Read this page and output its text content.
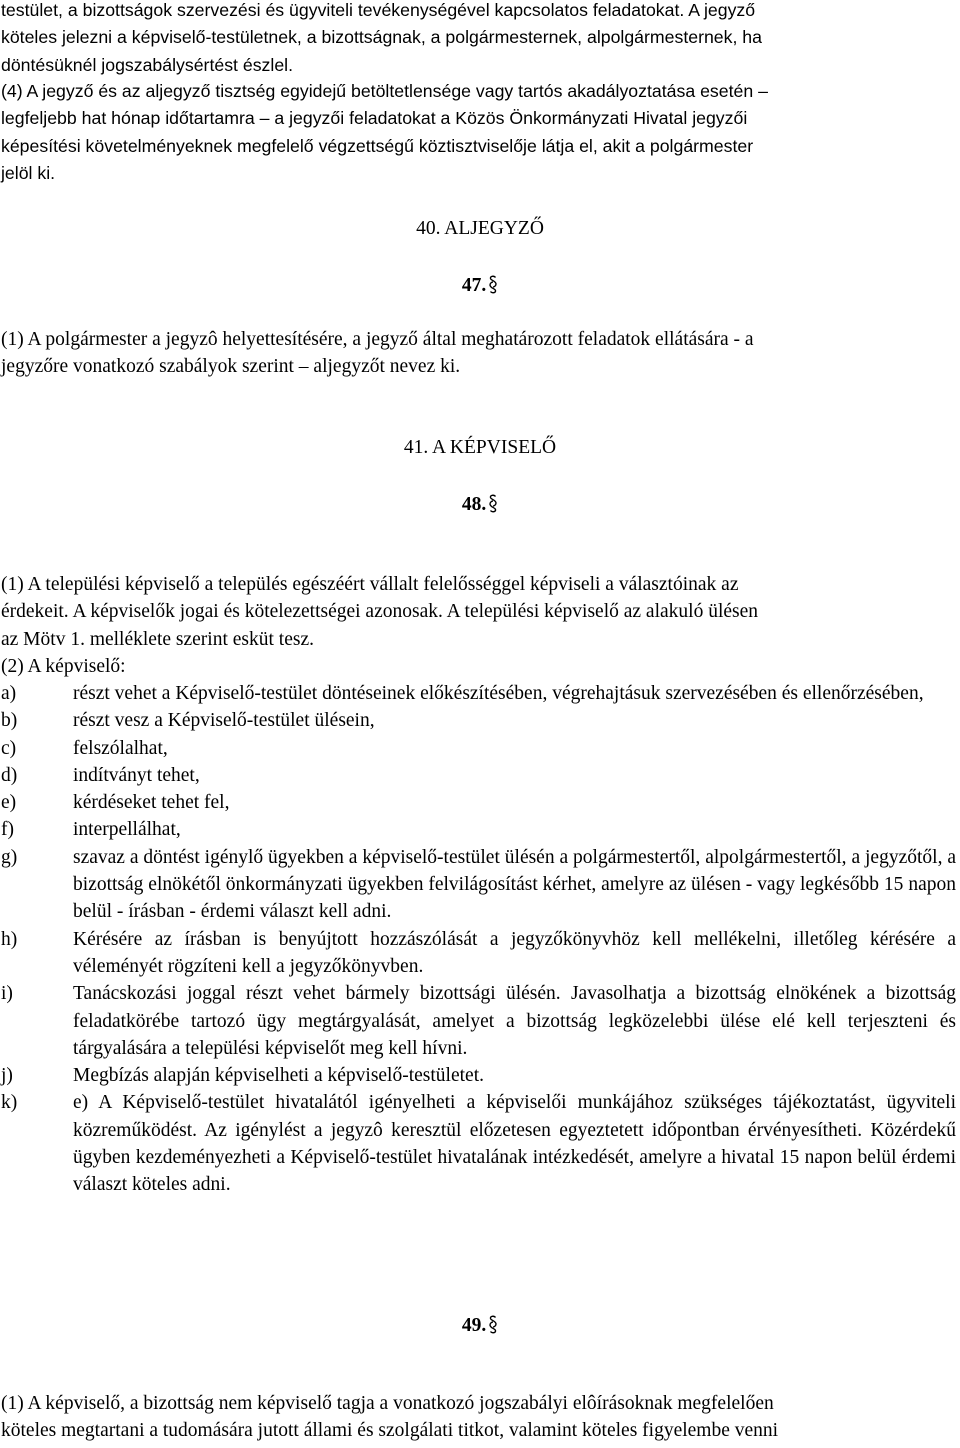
testület, a bizottságok szervezési és ügyviteli tevékenységével kapcsolatos feladatokat. A jegyző
köteles jelezni a képviselő-testületnek, a bizottságnak, a polgármesternek, alpolgármesternek, ha
döntésüknél jogszabálysértést észlel.
(4) A jegyző és az aljegyző tisztség egyidejű betöltetlensége vagy tartós akadályoztatása esetén –
legfeljebb hat hónap időtartamra – a jegyzői feladatokat a Közös Önkormányzati Hivatal jegyzői
képesítési követelményeknek megfelelő végzettségű köztisztviselője látja el, akit a polgármester
jelöl ki.
40. ALJEGYZŐ
47.
(1) A polgármester a jegyzô helyettesítésére, a jegyző által meghatározott feladatok ellátására - a
jegyzőre vonatkozó szabályok szerint – aljegyzőt nevez ki.
41. A KÉPVISELŐ
48.
(1) A települési képviselő a település egészéért vállalt felelősséggel képviseli a választóinak az
érdekeit. A képviselők jogai és kötelezettségei azonosak. A települési képviselő az alakuló ülésen
az Mötv 1. melléklete szerint esküt tesz.
(2) A képviselő:
a)	részt vehet a Képviselő-testület döntéseinek előkészítésében, végrehajtásuk szervezésében és ellenőrzésében,
b)	részt vesz a Képviselő-testület ülésein,
c)	felszólalhat,
d)	indítványt tehet,
e)	kérdéseket tehet fel,
f)	interpellálhat,
g)	szavaz a döntést igénylő ügyekben a képviselő-testület ülésén a polgármestertől, alpolgármestertől, a jegyzőtől, a bizottság elnökétől önkormányzati ügyekben felvilágosítást kérhet, amelyre az ülésen - vagy legkésőbb 15 napon belül - írásban - érdemi választ kell adni.
h)	Kérésére az írásban is benyújtott hozzászólását a jegyzőkönyvhöz kell mellékelni, illetőleg kérésére a véleményét rögzíteni kell a jegyzőkönyvben.
i)	Tanácskozási joggal részt vehet bármely bizottsági ülésén. Javasolhatja a bizottság elnökének a bizottság feladatkörébe tartozó ügy megtárgyalását, amelyet a bizottság legközelebbi ülése elé kell terjeszteni és tárgyalására a települési képviselőt meg kell hívni.
j)	Megbízás alapján képviselheti a képviselő-testületet.
k)	e) A Képviselő-testület hivatalától igényelheti a képviselői munkájához szükséges tájékoztatást, ügyviteli közreműködést. Az igénylést a jegyzô keresztül előzetesen egyeztetett időpontban érvényesítheti. Közérdekű ügyben kezdeményezheti a Képviselő-testület hivatalának intézkedését, amelyre a hivatal 15 napon belül érdemi választ köteles adni.
49.
(1) A képviselő, a bizottság nem képviselő tagja a vonatkozó jogszabályi elôírásoknak megfelelően
köteles megtartani a tudomására jutott állami és szolgálati titkot, valamint köteles figyelembe venni
